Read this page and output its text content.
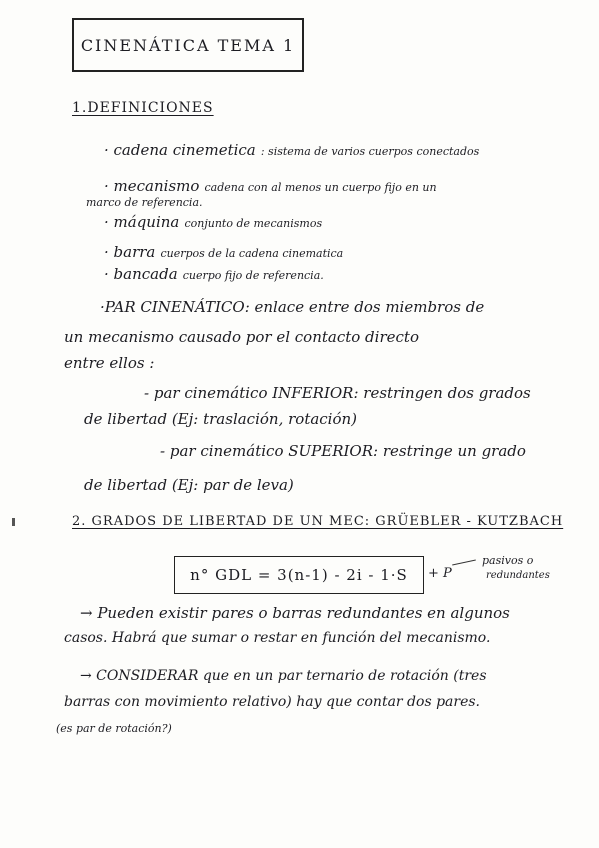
CINENÁTICA TEMA 1
1.DEFINICIONES
· cadena cinemetica : sistema de varios cuerpos conectados
· mecanismo cadena con al menos un cuerpo fijo en un
marco de referencia.
· máquina conjunto de mecanismos
· barra cuerpos de la cadena cinematica
· bancada cuerpo fijo de referencia.
·PAR CINENÁTICO: enlace entre dos miembros de
un mecanismo causado por el contacto directo
entre ellos :
- par cinemático INFERIOR: restringen dos grados
de libertad (Ej: traslación, rotación)
- par cinemático SUPERIOR: restringe un grado
de libertad (Ej: par de leva)
2. GRADOS DE LIBERTAD DE UN MEC: GRÜEBLER - KUTZBACH
n° GDL = 3(n-1) - 2i - 1·S	+ P
pasivos o
redundantes
→ Pueden existir pares o barras redundantes en algunos
casos. Habrá que sumar o restar en función del mecanismo.
→ CONSIDERAR que en un par ternario de rotación (tres
barras con movimiento relativo) hay que contar dos pares.
(es par de rotación?)
